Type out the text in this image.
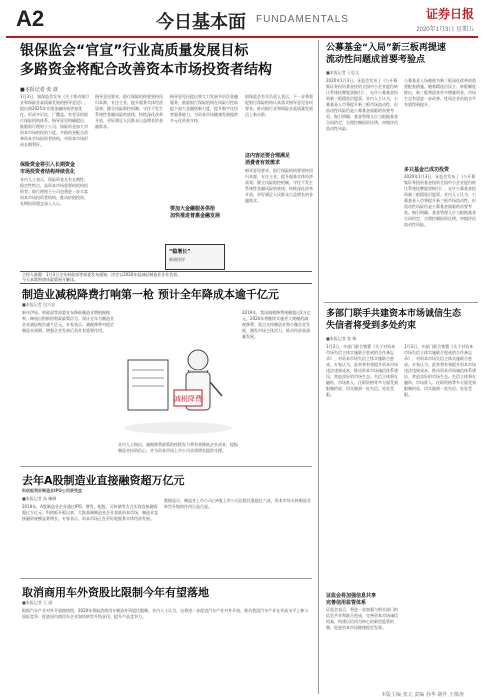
A2	今日基本面 FUNDAMENTALS	证券日报
2020年1月3日 星期五
银保监会“官宣”行业高质量发展目标
多路资金将配合改善资本市场投资者结构
■本报记者 张 歆
1月3日，银保监会发布《关于推动银行业和保险业高质量发展的指导意见》，提出到2025年实现金融结构更加优化，形成多层次、广覆盖、有差异的银行保险机构体系。指导意见明确提出，鼓励银行理财子公司、保险资金加大对资本市场的投资力度，多路资金配合改善资本市场投资者结构，对资本市场形成长期利好。
保险资金将引入长期资金
市场投资者结构持续优化
业内人士表示，保险资金具有长期性、稳定性特点，是资本市场重要的机构投资者。银行理财子公司也将进一步丰富资本市场投资者结构，推动价值投资、长期投资理念深入人心。
指导意见要求，银行保险机构要坚持回归本源，专注主业，提升服务实体经济质效；健全风险防控机制，守住不发生系统性金融风险的底线；持续深化改革开放，更好满足人民群众日益增长的金融需求。
指导意见还提出要大力发展多层次金融服务，鼓励银行保险机构在风险可控前提下加大金融创新力度，提升数字化经营服务能力，为资本市场健康发展提供多元化资金支持。
银保监会有关负责人表示，下一步将督促银行保险机构认真落实指导意见各项要求，推动银行业和保险业高质量发展迈上新台阶。
这内容还要合理满足
消费者有效需求
要加大金融服务供给
加快推进普惠金融发展
指导意见要求，银行保险机构要坚持回归本源，专注主业，提升服务实体经济质效；健全风险防控机制，守住不发生系统性金融风险的底线；持续深化改革开放，更好满足人民群众日益增长的金融需求。
“稳增长”
新闻快评
主持人陈静：1月3日全年财政部等部委发布通知，决定自2020年起减轻制造业企业负担。
今天本版围绕该政策展开解读。
制造业减税降费打响第一枪 预计全年降成本逾千亿元
■本报记者 包兴安
新年伊始，财政部等部委宣布降低制造业增值税税率，释放出积极的财政政策信号。预计全年为制造业企业减轻税负逾千亿元。专家表示，减税降费对稳定制造业预期、增强企业发展后劲具有重要作用。
2019年，我国减税降费规模超过2万亿元。2020年将继续实施更大规模的减税降费，重点支持制造业和小微企业发展，激发市场主体活力，推动经济高质量发展。
业内人士指出，减税降费政策的持续发力将有效降低企业成本，提振制造业投资信心，并为资本市场上市公司业绩增长提供支撑。
减税降费
去年A股制造业直接融资超万亿元
科创板利好制造业IPO公司获受益
■本报记者 高 曦峰
2019年，A股制造业企业通过IPO、增发、配股、可转债等方式实现直接融资超过万亿元。科创板开板以来，大批高端制造业企业登陆资本市场，制造业直接融资规模显著增长。专家表示，资本市场正在更好地服务实体经济发展。
数据显示，制造业上市公司占A股上市公司总数比重超过六成，资本市场支持制造业转型升级的作用日益凸显。
取消商用车外资股比限制今年有望落地
■本报记者 王 丽
根据汽车产业对外开放路线图，2020年将取消商用车制造外资股比限制。业内人士认为，这将进一步促进汽车产业对外开放，推动我国汽车产业在更高水平上参与国际竞争，促进国内商用车企业加快转型升级步伐，提升产品竞争力。
公募基金“入局”新三板再提速
流动性问题成首要考验点
■本报记者 王思文
2020年1月3日，证监会发布了《公开募集证券投资基金投资全国中小企业股份转让系统挂牌股票指引》，允许公募基金投资新三板精选层股票。业内人士认为，公募基金入市将提升新三板市场流动性，但流动性风险仍是公募基金面临的首要考验。指引明确，基金管理人应当根据基金合同约定，合理控制投资比例，审慎评估流动性风险。
多只基金已成功投资
公募基金入场被视为新三板深化改革的重要配套措施。随着精选层设立、转板制度推出，新三板将迎来更多增量资金，市场生态有望进一步改善，优质企业估值水平有望得到提升。
2020年1月3日，证监会发布了《公开募集证券投资基金投资全国中小企业股份转让系统挂牌股票指引》，允许公募基金投资新三板精选层股票。业内人士认为，公募基金入市将提升新三板市场流动性，但流动性风险仍是公募基金面临的首要考验。指引明确，基金管理人应当根据基金合同约定，合理控制投资比例，审慎评估流动性风险。
多部门联手共建资本市场诚信生态
失信者将受到多处约束
■本报记者 张 敏
1月3日，多部门联合签署《关于对资本市场失信主体实施联合惩戒的合作备忘录》，对资本市场失信主体实施联合惩戒。专家认为，此举将有效提升资本市场违法违规成本，推动资本市场诚信体系建设，营造良好的市场生态。失信主体将在融资、市场准入、任职资格等多方面受到限制约束，切实做到一处失信、处处受限。
证监会将加强信息共享
完善信用监管体系
证监会表示，将进一步加强与相关部门的信息共享和联合惩戒，完善资本市场诚信档案，构建以信用为核心的新型监管机制，促进资本市场健康稳定发展。
1月3日，多部门联合签署《关于对资本市场失信主体实施联合惩戒的合作备忘录》，对资本市场失信主体实施联合惩戒。专家认为，此举将有效提升资本市场违法违规成本，推动资本市场诚信体系建设，营造良好的市场生态。失信主体将在融资、市场准入、任职资格等多方面受到限制约束，切实做到一处失信、处处受限。
本版主编 张亢 责编 孙华 制作 王敬涛
